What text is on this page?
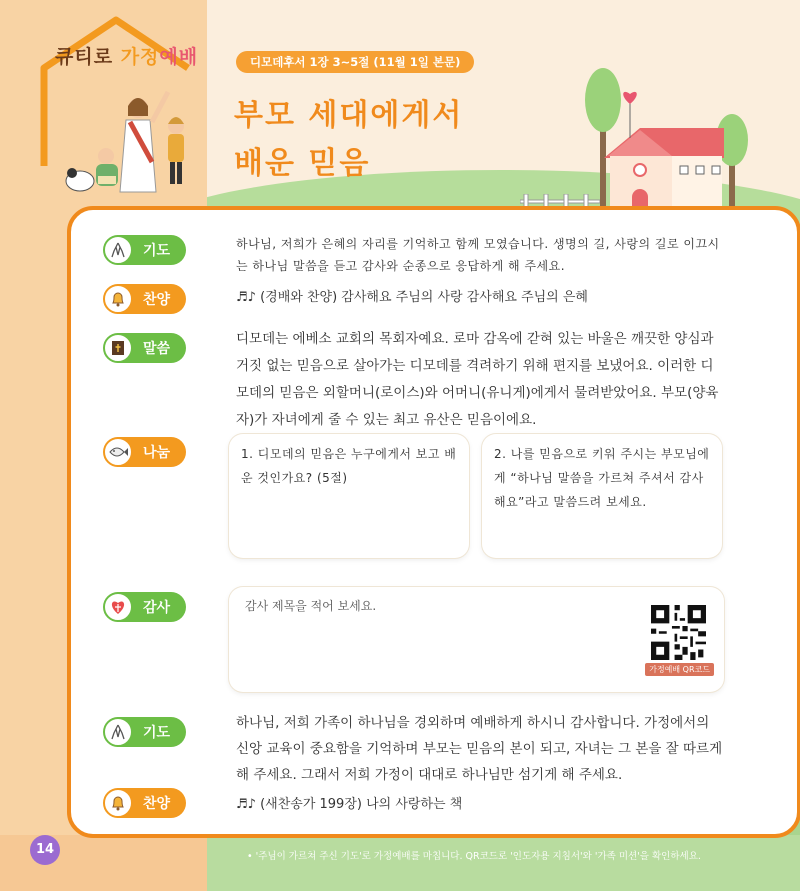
큐티로 가정예배	디모데후서 1장 3~5절 (11월 1일 본문)
부모 세대에게서
배운 믿음
기도	하나님, 저희가 은혜의 자리를 기억하고 함께 모였습니다. 생명의 길, 사랑의 길로 이끄시는 하나님 말씀을 듣고 감사와 순종으로 응답하게 해 주세요.
찬양	♬♪ (경배와 찬양) 감사해요 주님의 사랑 감사해요 주님의 은혜
말씀
디모데는 에베소 교회의 목회자예요. 로마 감옥에 갇혀 있는 바울은 깨끗한 양심과 거짓 없는 믿음으로 살아가는 디모데를 격려하기 위해 편지를 보냈어요. 이러한 디모데의 믿음은 외할머니(로이스)와 어머니(유니게)에게서 물려받았어요. 부모(양육자)가 자녀에게 줄 수 있는 최고 유산은 믿음이에요.
나눔	1. 디모데의 믿음은 누구에게서 보고 배운 것인가요? (5절)
2. 나를 믿음으로 키워 주시는 부모님에게 “하나님 말씀을 가르쳐 주셔서 감사해요”라고 말씀드려 보세요.
감사	감사 제목을 적어 보세요.
가정예배 QR코드
기도
하나님, 저희 가족이 하나님을 경외하며 예배하게 하시니 감사합니다. 가정에서의 신앙 교육이 중요함을 기억하며 부모는 믿음의 본이 되고, 자녀는 그 본을 잘 따르게 해 주세요. 그래서 저희 가정이 대대로 하나님만 섬기게 해 주세요.
찬양	♬♪ (새찬송가 199장) 나의 사랑하는 책
14	• '주님이 가르쳐 주신 기도'로 가정예배를 마칩니다. QR코드로 '인도자용 지침서'와 '가족 미션'을 확인하세요.
